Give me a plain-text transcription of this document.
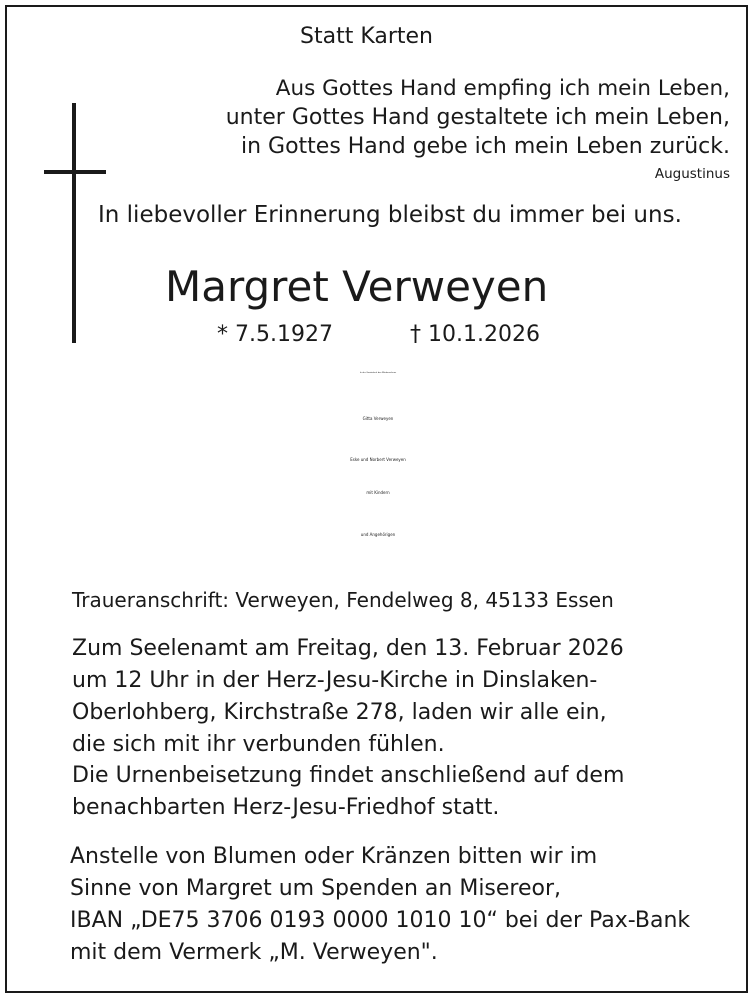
Statt Karten
Aus Gottes Hand empfing ich mein Leben,
unter Gottes Hand gestaltete ich mein Leben,
in Gottes Hand gebe ich mein Leben zurück.
Augustinus
In liebevoller Erinnerung bleibst du immer bei uns.
Margret Verweyen
* 7.5.1927	† 10.1.2026
In der Gewissheit des Wiedersehens
Gitta Verweyen
Eske und Norbert Verweyen
mit Kindern
und Angehörigen
Traueranschrift: Verweyen, Fendelweg 8, 45133 Essen
Zum Seelenamt am Freitag, den 13. Februar 2026
um 12 Uhr in der Herz-Jesu-Kirche in Dinslaken-
Oberlohberg, Kirchstraße 278, laden wir alle ein,
die sich mit ihr verbunden fühlen.
Die Urnenbeisetzung findet anschließend auf dem
benachbarten Herz-Jesu-Friedhof statt.
Anstelle von Blumen oder Kränzen bitten wir im
Sinne von Margret um Spenden an Misereor,
IBAN „DE75 3706 0193 0000 1010 10“ bei der Pax-Bank
mit dem Vermerk „M. Verweyen".
